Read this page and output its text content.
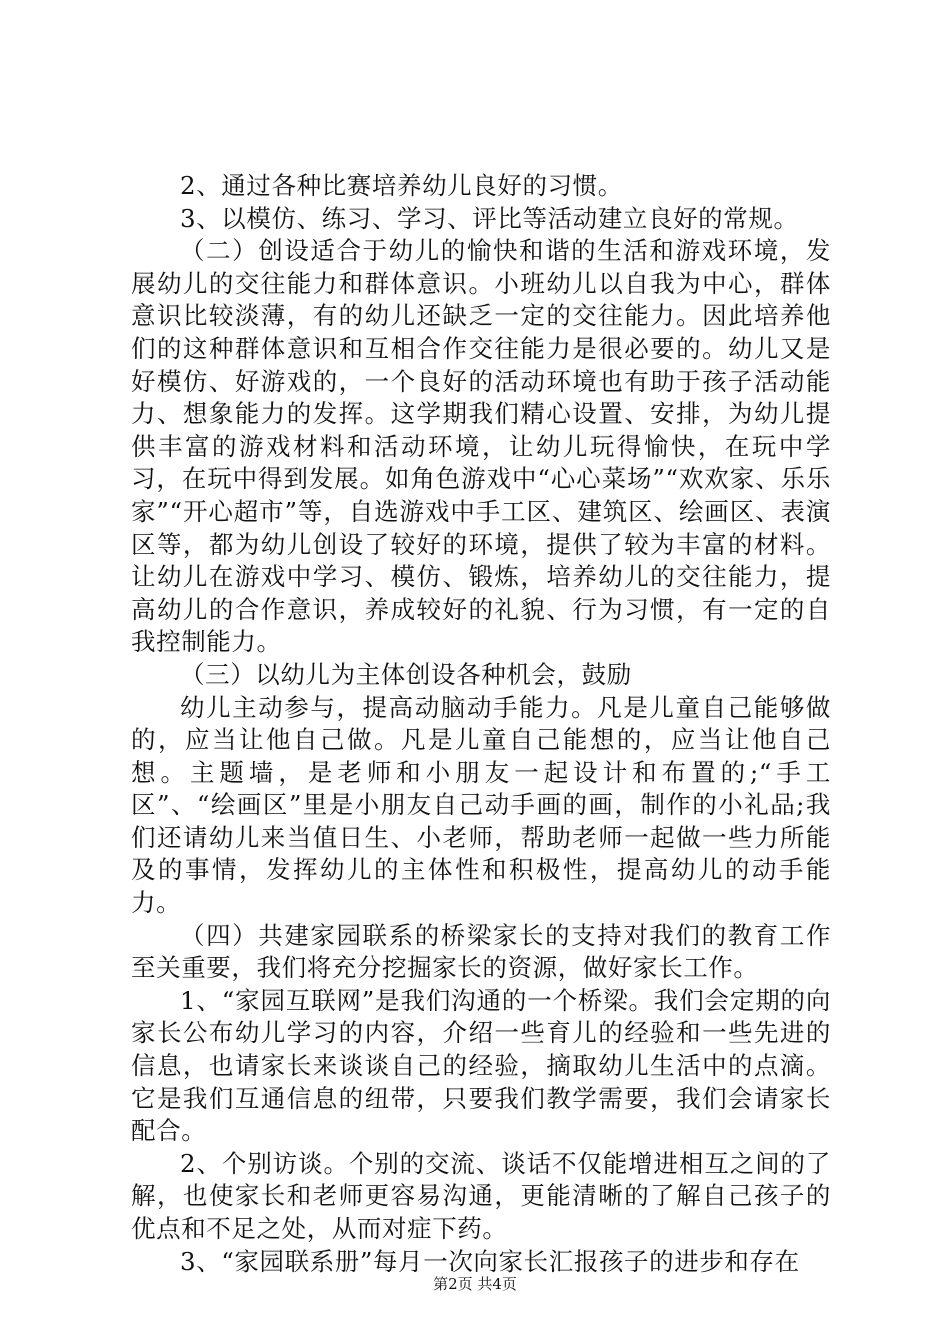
2、通过各种比赛培养幼儿良好的习惯。

3、以模仿、练习、学习、评比等活动建立良好的常规。

（二）创设适合于幼儿的愉快和谐的生活和游戏环境，发展幼儿的交往能力和群体意识。小班幼儿以自我为中心，群体意识比较淡薄，有的幼儿还缺乏一定的交往能力。因此培养他们的这种群体意识和互相合作交往能力是很必要的。幼儿又是好模仿、好游戏的，一个良好的活动环境也有助于孩子活动能力、想象能力的发挥。这学期我们精心设置、安排，为幼儿提供丰富的游戏材料和活动环境，让幼儿玩得愉快，在玩中学习，在玩中得到发展。如角色游戏中“心心菜场”“欢欢家、乐乐家”“开心超市”等，自选游戏中手工区、建筑区、绘画区、表演区等，都为幼儿创设了较好的环境，提供了较为丰富的材料。让幼儿在游戏中学习、模仿、锻炼，培养幼儿的交往能力，提高幼儿的合作意识，养成较好的礼貌、行为习惯，有一定的自我控制能力。

（三）以幼儿为主体创设各种机会，鼓励

幼儿主动参与，提高动脑动手能力。凡是儿童自己能够做的，应当让他自己做。凡是儿童自己能想的，应当让他自己想。主题墙，是老师和小朋友一起设计和布置的;“手工区”、“绘画区”里是小朋友自己动手画的画，制作的小礼品;我们还请幼儿来当值日生、小老师，帮助老师一起做一些力所能及的事情，发挥幼儿的主体性和积极性，提高幼儿的动手能力。

（四）共建家园联系的桥梁家长的支持对我们的教育工作至关重要，我们将充分挖掘家长的资源，做好家长工作。

1、“家园互联网”是我们沟通的一个桥梁。我们会定期的向家长公布幼儿学习的内容，介绍一些育儿的经验和一些先进的信息，也请家长来谈谈自己的经验，摘取幼儿生活中的点滴。它是我们互通信息的纽带，只要我们教学需要，我们会请家长配合。

2、个别访谈。个别的交流、谈话不仅能增进相互之间的了解，也使家长和老师更容易沟通，更能清晰的了解自己孩子的优点和不足之处，从而对症下药。

3、“家园联系册”每月一次向家长汇报孩子的进步和存在

第2页 共4页
